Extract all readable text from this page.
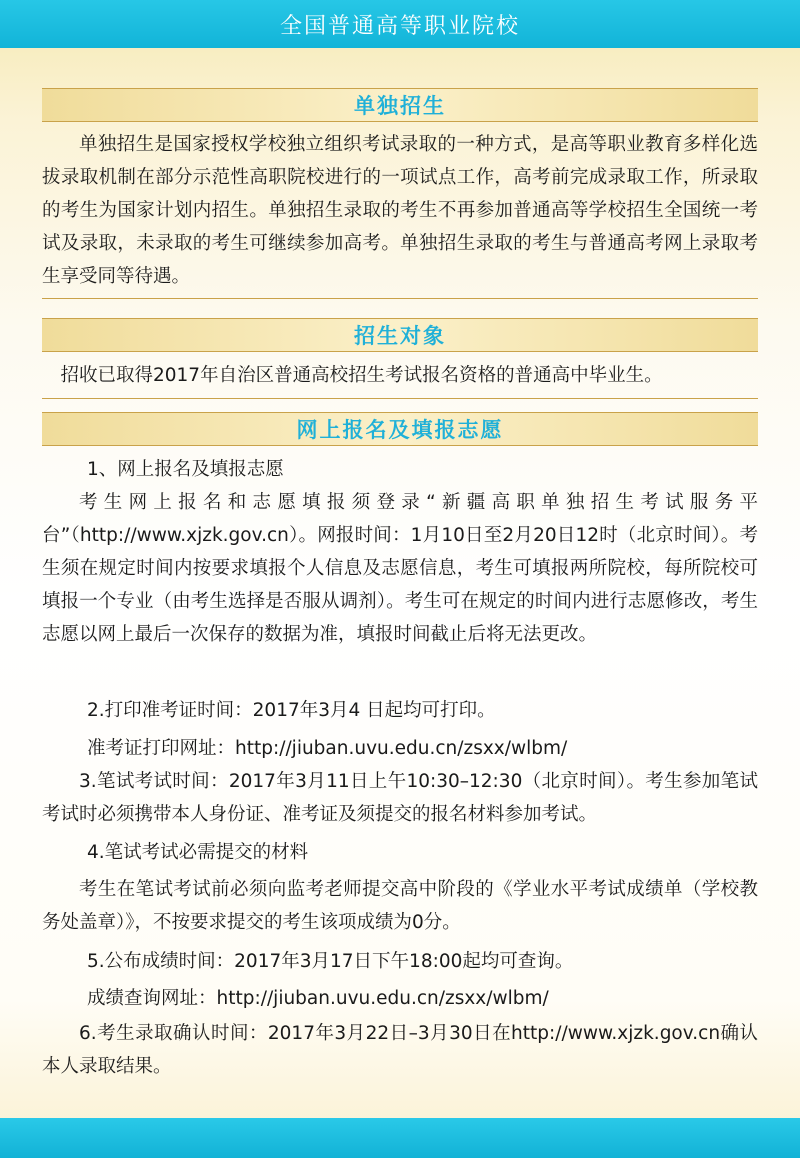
全国普通高等职业院校
单独招生

单独招生是国家授权学校独立组织考试录取的一种方式，是高等职业教育多样化选拔录取机制在部分示范性高职院校进行的一项试点工作，高考前完成录取工作，所录取的考生为国家计划内招生。单独招生录取的考生不再参加普通高等学校招生全国统一考试及录取，未录取的考生可继续参加高考。单独招生录取的考生与普通高考网上录取考生享受同等待遇。

招生对象

招收已取得2017年自治区普通高校招生考试报名资格的普通高中毕业生。

网上报名及填报志愿

1、网上报名及填报志愿

考生网上报名和志愿填报须登录“新疆高职单独招生考试服务平台”（http://www.xjzk.gov.cn）。网报时间：1月10日至2月20日12时（北京时间）。考生须在规定时间内按要求填报个人信息及志愿信息，考生可填报两所院校，每所院校可填报一个专业（由考生选择是否服从调剂）。考生可在规定的时间内进行志愿修改，考生志愿以网上最后一次保存的数据为准，填报时间截止后将无法更改。

2.打印准考证时间：2017年3月4 日起均可打印。

准考证打印网址：http://jiuban.uvu.edu.cn/zsxx/wlbm/

3.笔试考试时间：2017年3月11日上午10:30–12:30（北京时间）。考生参加笔试考试时必须携带本人身份证、准考证及须提交的报名材料参加考试。

4.笔试考试必需提交的材料

考生在笔试考试前必须向监考老师提交高中阶段的《学业水平考试成绩单（学校教务处盖章）》，不按要求提交的考生该项成绩为0分。

5.公布成绩时间：2017年3月17日下午18:00起均可查询。

成绩查询网址：http://jiuban.uvu.edu.cn/zsxx/wlbm/

6.考生录取确认时间：2017年3月22日–3月30日在http://www.xjzk.gov.cn确认本人录取结果。
